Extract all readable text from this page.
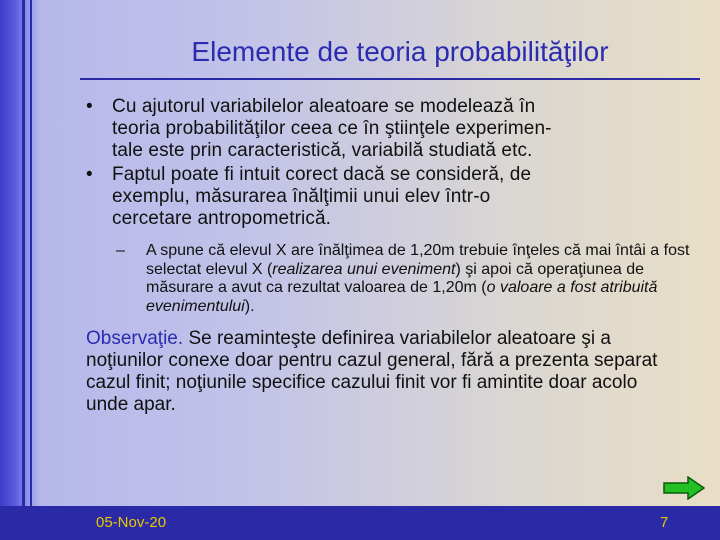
Elemente de teoria probabilităţilor
• Cu ajutorul variabilelor aleatoare se modelează în
teoria probabilităţilor ceea ce în ştiinţele experimen-
tale este prin caracteristică, variabilă studiată etc.
• Faptul poate fi intuit corect dacă se consideră, de
exemplu, măsurarea înălţimii unui elev într‑o
cercetare antropometrică.
– A spune că elevul X are înălţimea de 1,20m trebuie înţeles că mai întâi a fost selectat elevul X (realizarea unui eveniment) şi apoi că operaţiunea de măsurare a avut ca rezultat valoarea de 1,20m (o valoare a fost atribuită evenimentului).
Observaţie. Se reaminteşte definirea variabilelor aleatoare şi a noţiunilor conexe doar pentru cazul general, fără a prezenta separat cazul finit; noţiunile specifice cazului finit vor fi amintite doar acolo unde apar.
05-Nov-20	7
